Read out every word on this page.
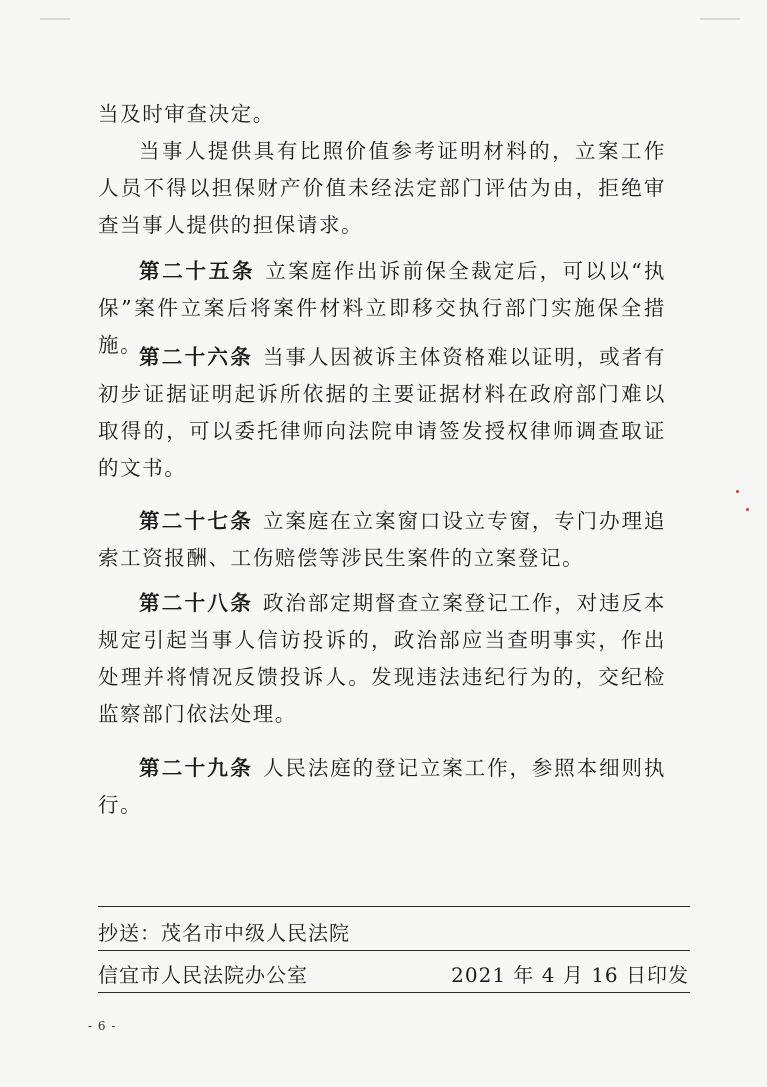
当及时审查决定。

当事人提供具有比照价值参考证明材料的，立案工作人员不得以担保财产价值未经法定部门评估为由，拒绝审查当事人提供的担保请求。

第二十五条 立案庭作出诉前保全裁定后，可以以“执保”案件立案后将案件材料立即移交执行部门实施保全措施。

第二十六条 当事人因被诉主体资格难以证明，或者有初步证据证明起诉所依据的主要证据材料在政府部门难以取得的，可以委托律师向法院申请签发授权律师调查取证的文书。

第二十七条 立案庭在立案窗口设立专窗，专门办理追索工资报酬、工伤赔偿等涉民生案件的立案登记。

第二十八条 政治部定期督查立案登记工作，对违反本规定引起当事人信访投诉的，政治部应当查明事实，作出处理并将情况反馈投诉人。发现违法违纪行为的，交纪检监察部门依法处理。

第二十九条 人民法庭的登记立案工作，参照本细则执行。

抄送：茂名市中级人民法院
信宜市人民法院办公室	2021 年 4 月 16 日印发
- 6 -
